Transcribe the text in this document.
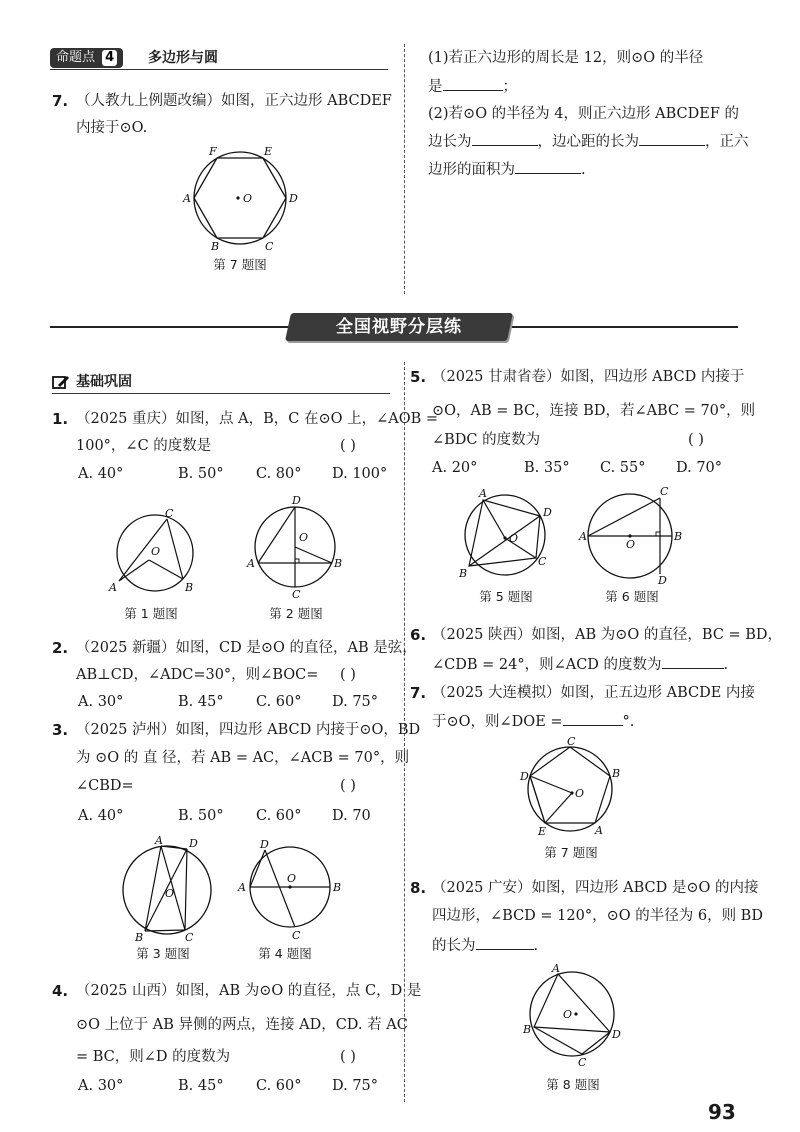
命题点 4	多边形与圆
7. （人教九上例题改编）如图，正六边形 ABCDEF
内接于⊙O.
O
F	E
A	D
B	C
第 7 题图
(1)若正六边形的周长是 12，则⊙O 的半径
是	；
(2)若⊙O 的半径为 4，则正六边形 ABCDEF 的
边长为	，边心距的长为	，正六
边形的面积为	.
全国视野分层练
基础巩固
1. （2025 重庆）如图，点 A，B，C 在⊙O 上，∠AOB =
100°，∠C 的度数是	( )
A. 40°	B. 50° C. 80° D. 100°
O
C
A	B
第 1 题图
O
D
A	B
C
第 2 题图
2. （2025 新疆）如图，CD 是⊙O 的直径，AB 是弦，
AB⊥CD，∠ADC=30°，则∠BOC= ( )
A. 30°	B. 45° C. 60° D. 75°
3. （2025 泸州）如图，四边形 ABCD 内接于⊙O，BD
为 ⊙O 的 直 径，若 AB = AC，∠ACB = 70°，则
∠CBD=	( )
A. 40°	B. 50° C. 60° D. 70
O
A D
B	C
第 3 题图
O
D
A	B
C
第 4 题图
4. （2025 山西）如图，AB 为⊙O 的直径，点 C，D 是
⊙O 上位于 AB 异侧的两点，连接 AD，CD. 若 AC
= BC，则∠D 的度数为	( )
A. 30°	B. 45° C. 60° D. 75°
5. （2025 甘肃省卷）如图，四边形 ABCD 内接于
⊙O，AB = BC，连接 BD，若∠ABC = 70°，则
∠BDC 的度数为	( )
A. 20°	B. 35° C. 55° D. 70°
O
A
B
C
D
第 5 题图
O
C
A	B
D
第 6 题图
6. （2025 陕西）如图，AB 为⊙O 的直径，BC = BD，
∠CDB = 24°，则∠ACD 的度数为	.
7. （2025 大连模拟）如图，正五边形 ABCDE 内接
于⊙O，则∠DOE =	°.
O
C
B
D
E	A
第 7 题图
8. （2025 广安）如图，四边形 ABCD 是⊙O 的内接
四边形，∠BCD = 120°，⊙O 的半径为 6，则 BD
的长为	.
O
A
B
C
D
第 8 题图
93
